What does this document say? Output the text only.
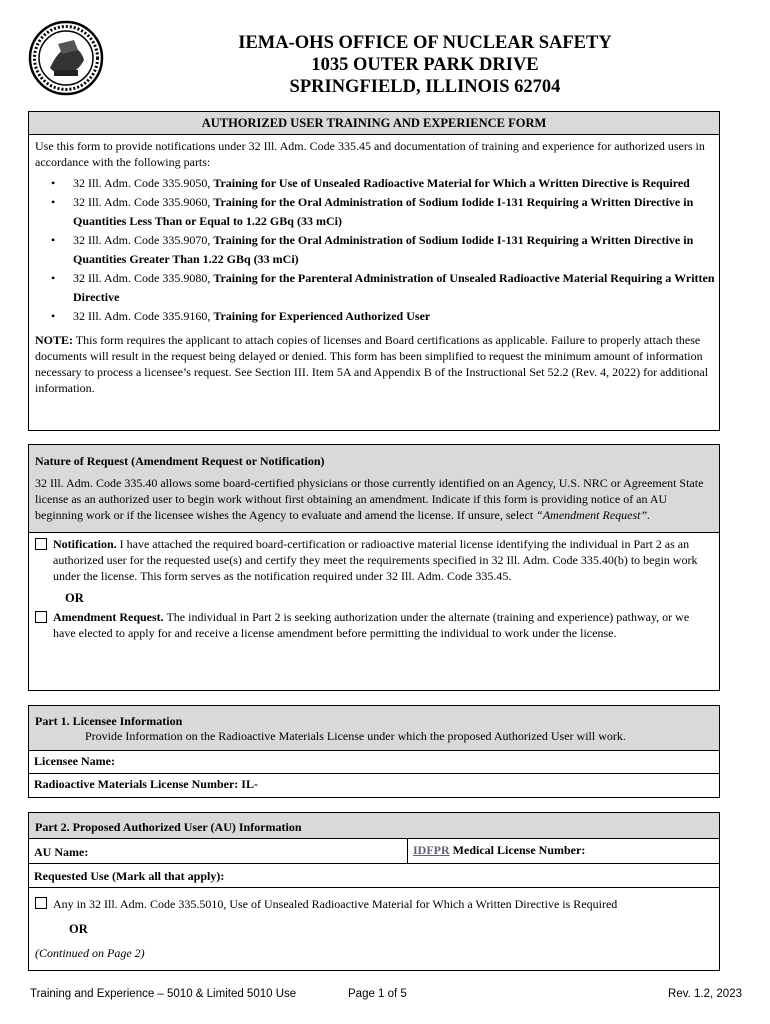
IEMA-OHS OFFICE OF NUCLEAR SAFETY
1035 OUTER PARK DRIVE
SPRINGFIELD, ILLINOIS 62704
AUTHORIZED USER TRAINING AND EXPERIENCE FORM
Use this form to provide notifications under 32 Ill. Adm. Code 335.45 and documentation of training and experience for authorized users in accordance with the following parts:
• 32 Ill. Adm. Code 335.9050, Training for Use of Unsealed Radioactive Material for Which a Written Directive is Required
• 32 Ill. Adm. Code 335.9060, Training for the Oral Administration of Sodium Iodide I-131 Requiring a Written Directive in Quantities Less Than or Equal to 1.22 GBq (33 mCi)
• 32 Ill. Adm. Code 335.9070, Training for the Oral Administration of Sodium Iodide I-131 Requiring a Written Directive in Quantities Greater Than 1.22 GBq (33 mCi)
• 32 Ill. Adm. Code 335.9080, Training for the Parenteral Administration of Unsealed Radioactive Material Requiring a Written Directive
• 32 Ill. Adm. Code 335.9160, Training for Experienced Authorized User
NOTE: This form requires the applicant to attach copies of licenses and Board certifications as applicable. Failure to properly attach these documents will result in the request being delayed or denied. This form has been simplified to request the minimum amount of information necessary to process a licensee’s request. See Section III. Item 5A and Appendix B of the Instructional Set 52.2 (Rev. 4, 2022) for additional information.
Nature of Request (Amendment Request or Notification)
32 Ill. Adm. Code 335.40 allows some board-certified physicians or those currently identified on an Agency, U.S. NRC or Agreement State license as an authorized user to begin work without first obtaining an amendment. Indicate if this form is providing notice of an AU beginning work or if the licensee wishes the Agency to evaluate and amend the license. If unsure, select “Amendment Request”.
Notification. I have attached the required board-certification or radioactive material license identifying the individual in Part 2 as an authorized user for the requested use(s) and certify they meet the requirements specified in 32 Ill. Adm. Code 335.40(b) to begin work under the license. This form serves as the notification required under 32 Ill. Adm. Code 335.45.
OR
Amendment Request. The individual in Part 2 is seeking authorization under the alternate (training and experience) pathway, or we have elected to apply for and receive a license amendment before permitting the individual to work under the license.
Part 1. Licensee Information
Provide Information on the Radioactive Materials License under which the proposed Authorized User will work.
Licensee Name:
Radioactive Materials License Number: IL-
Part 2. Proposed Authorized User (AU) Information
AU Name:	IDFPR Medical License Number:
Requested Use (Mark all that apply):
Any in 32 Ill. Adm. Code 335.5010, Use of Unsealed Radioactive Material for Which a Written Directive is Required
OR
(Continued on Page 2)
Training and Experience – 5010 & Limited 5010 Use	Page 1 of 5	Rev. 1.2, 2023
